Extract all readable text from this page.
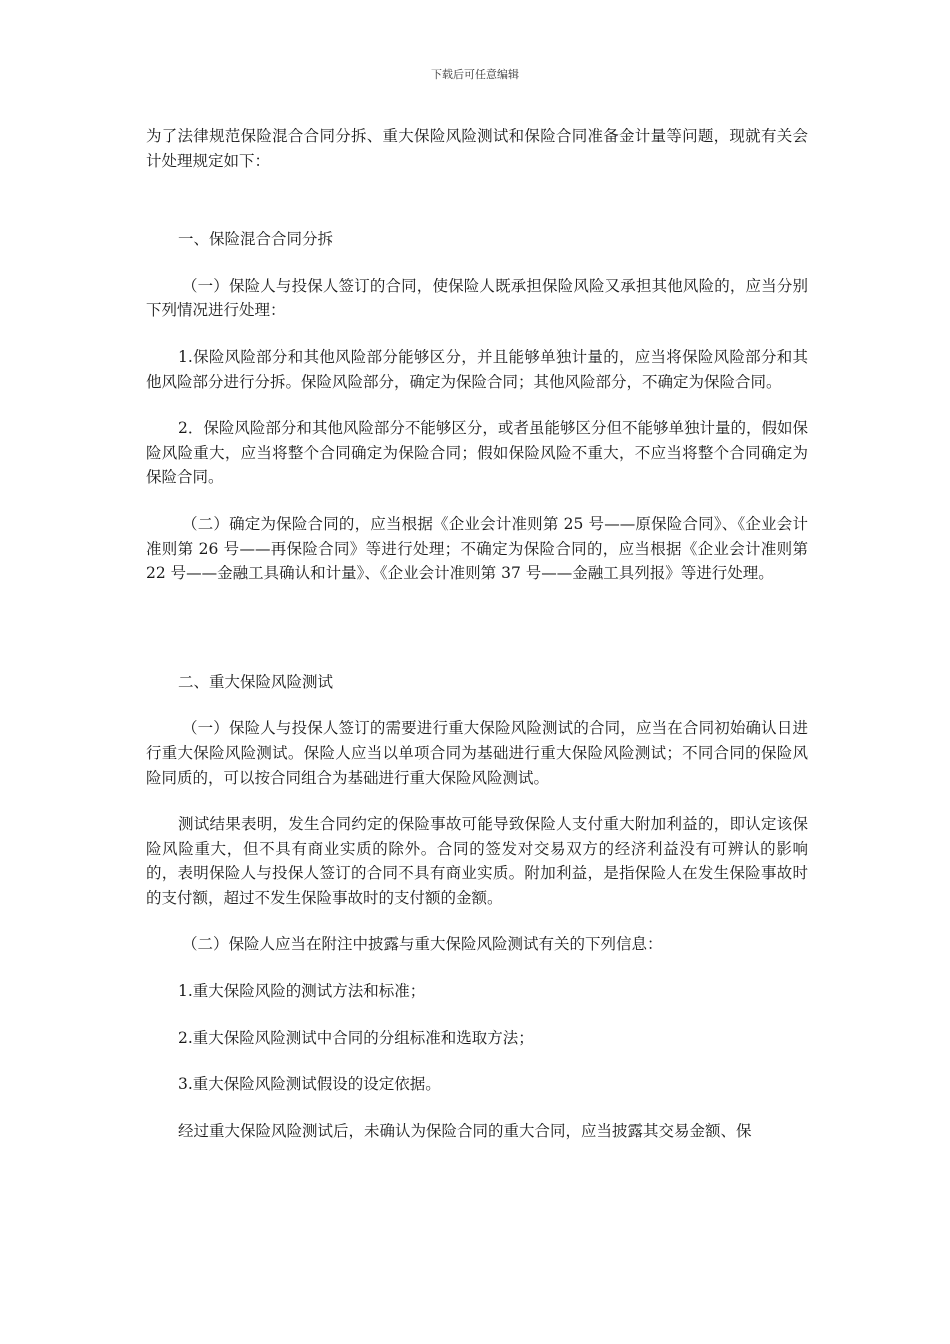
下载后可任意编辑

为了法律规范保险混合合同分拆、重大保险风险测试和保险合同准备金计量等问题，现就有关会计处理规定如下：

一、保险混合合同分拆

（一）保险人与投保人签订的合同，使保险人既承担保险风险又承担其他风险的，应当分别下列情况进行处理：

1.保险风险部分和其他风险部分能够区分，并且能够单独计量的，应当将保险风险部分和其他风险部分进行分拆。保险风险部分，确定为保险合同；其他风险部分，不确定为保险合同。

2．保险风险部分和其他风险部分不能够区分，或者虽能够区分但不能够单独计量的，假如保险风险重大，应当将整个合同确定为保险合同；假如保险风险不重大，不应当将整个合同确定为保险合同。

（二）确定为保险合同的，应当根据《企业会计准则第 25 号——原保险合同》、《企业会计准则第 26 号——再保险合同》等进行处理；不确定为保险合同的，应当根据《企业会计准则第 22 号——金融工具确认和计量》、《企业会计准则第 37 号——金融工具列报》等进行处理。

二、重大保险风险测试

（一）保险人与投保人签订的需要进行重大保险风险测试的合同，应当在合同初始确认日进行重大保险风险测试。保险人应当以单项合同为基础进行重大保险风险测试；不同合同的保险风险同质的，可以按合同组合为基础进行重大保险风险测试。

测试结果表明，发生合同约定的保险事故可能导致保险人支付重大附加利益的，即认定该保险风险重大，但不具有商业实质的除外。合同的签发对交易双方的经济利益没有可辨认的影响的，表明保险人与投保人签订的合同不具有商业实质。附加利益，是指保险人在发生保险事故时的支付额，超过不发生保险事故时的支付额的金额。

（二）保险人应当在附注中披露与重大保险风险测试有关的下列信息：

1.重大保险风险的测试方法和标准；

2.重大保险风险测试中合同的分组标准和选取方法；

3.重大保险风险测试假设的设定依据。

经过重大保险风险测试后，未确认为保险合同的重大合同，应当披露其交易金额、保
